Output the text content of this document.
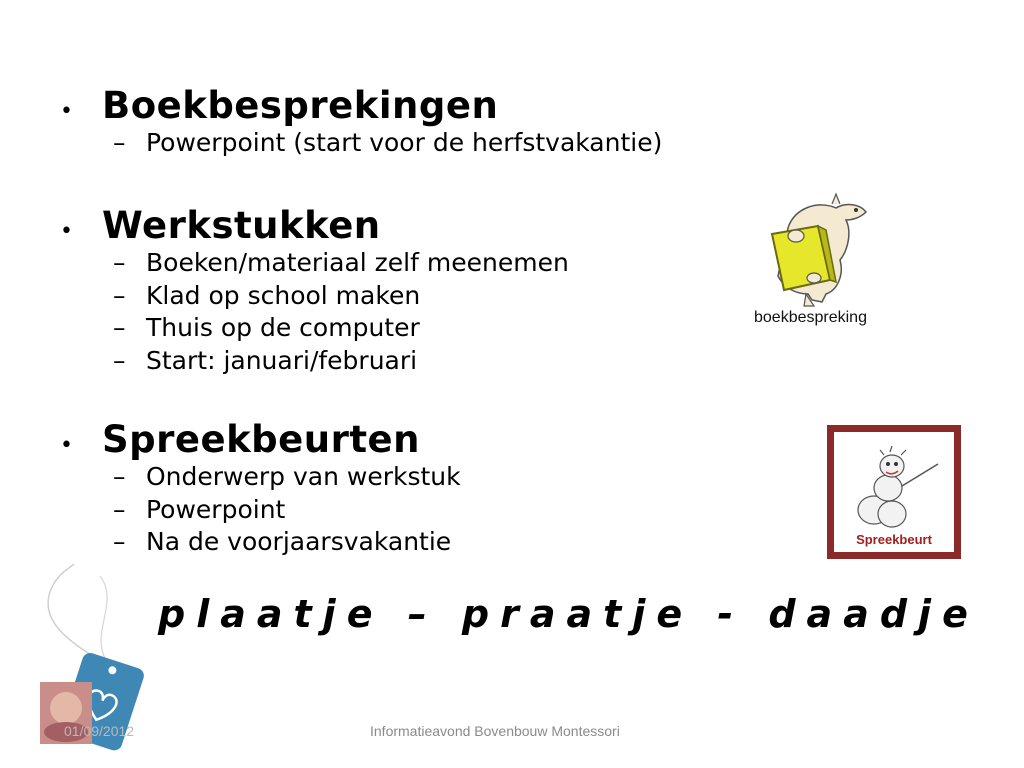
• Boekbesprekingen
– Powerpoint (start voor de herfstvakantie)
• Werkstukken
– Boeken/materiaal zelf meenemen
– Klad op school maken
– Thuis op de computer
– Start: januari/februari
• Spreekbeurten
– Onderwerp van werkstuk
– Powerpoint
– Na de voorjaarsvakantie
plaatje – praatje - daadje
boekbespreking
Spreekbeurt
01/09/2012	Informatieavond Bovenbouw Montessori
